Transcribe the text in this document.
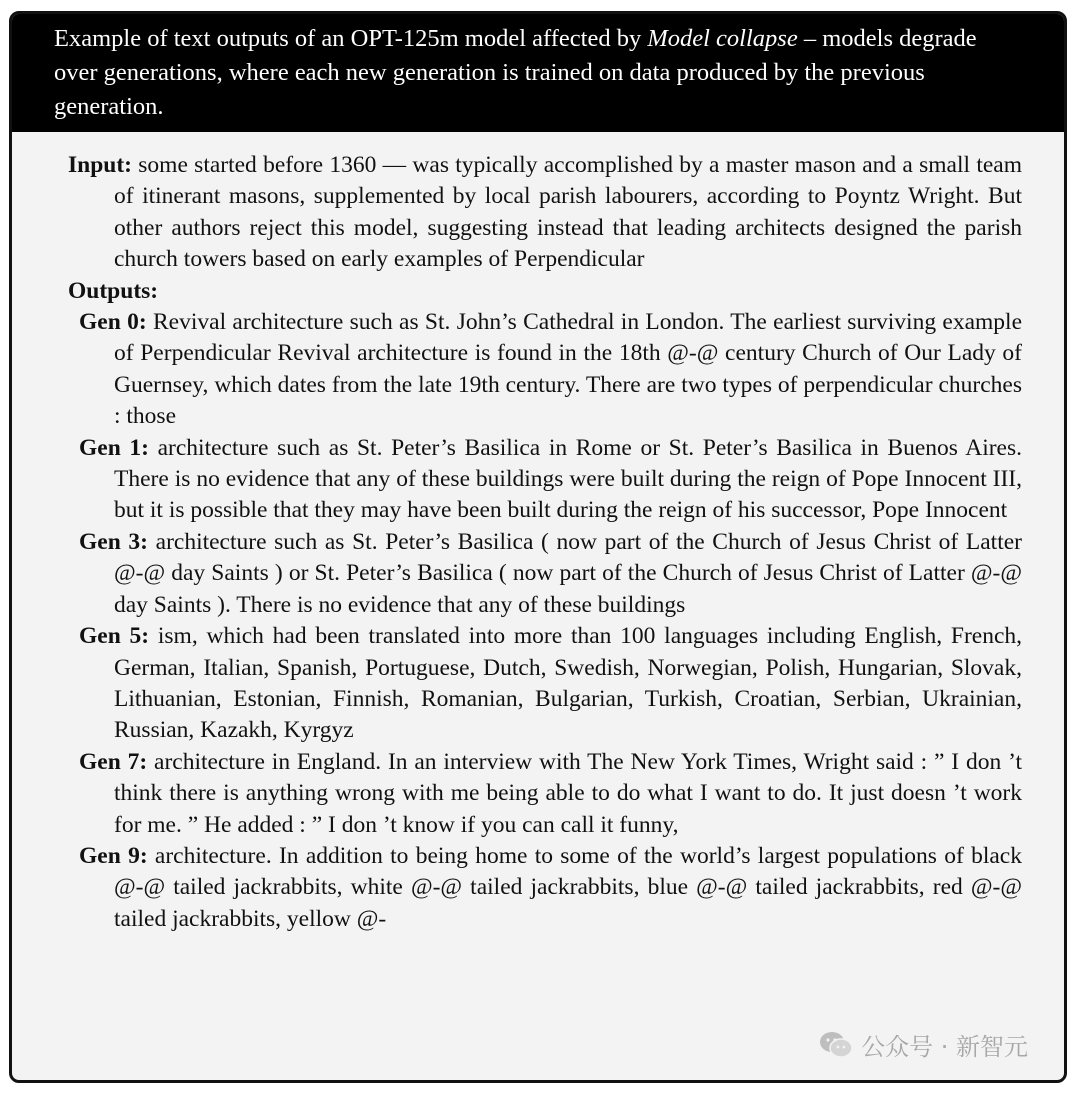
Example of text outputs of an OPT-125m model affected by Model collapse – models degrade over generations, where each new generation is trained on data produced by the previous generation.

Input: some started before 1360 — was typically accomplished by a master mason and a small team of itinerant masons, supplemented by local parish labourers, according to Poyntz Wright. But other authors reject this model, suggesting instead that leading architects designed the parish church towers based on early examples of Perpendicular

Outputs:

Gen 0: Revival architecture such as St. John’s Cathedral in London. The earliest surviving example of Perpendicular Revival architecture is found in the 18th @-@ century Church of Our Lady of Guernsey, which dates from the late 19th century. There are two types of perpendicular churches : those

Gen 1: architecture such as St. Peter’s Basilica in Rome or St. Peter’s Basilica in Buenos Aires. There is no evidence that any of these buildings were built during the reign of Pope Innocent III, but it is possible that they may have been built during the reign of his successor, Pope Innocent

Gen 3: architecture such as St. Peter’s Basilica ( now part of the Church of Jesus Christ of Latter @-@ day Saints ) or St. Peter’s Basilica ( now part of the Church of Jesus Christ of Latter @-@ day Saints ). There is no evidence that any of these buildings

Gen 5: ism, which had been translated into more than 100 languages including English, French, German, Italian, Spanish, Portuguese, Dutch, Swedish, Norwegian, Polish, Hungarian, Slovak, Lithuanian, Estonian, Finnish, Romanian, Bulgarian, Turkish, Croatian, Serbian, Ukrainian, Russian, Kazakh, Kyrgyz

Gen 7: architecture in England. In an interview with The New York Times, Wright said : ” I don ’t think there is anything wrong with me being able to do what I want to do. It just doesn ’t work for me. ” He added : ” I don ’t know if you can call it funny,

Gen 9: architecture. In addition to being home to some of the world’s largest populations of black @-@ tailed jackrabbits, white @-@ tailed jackrabbits, blue @-@ tailed jackrabbits, red @-@ tailed jackrabbits, yellow @-

公众号 · 新智元
